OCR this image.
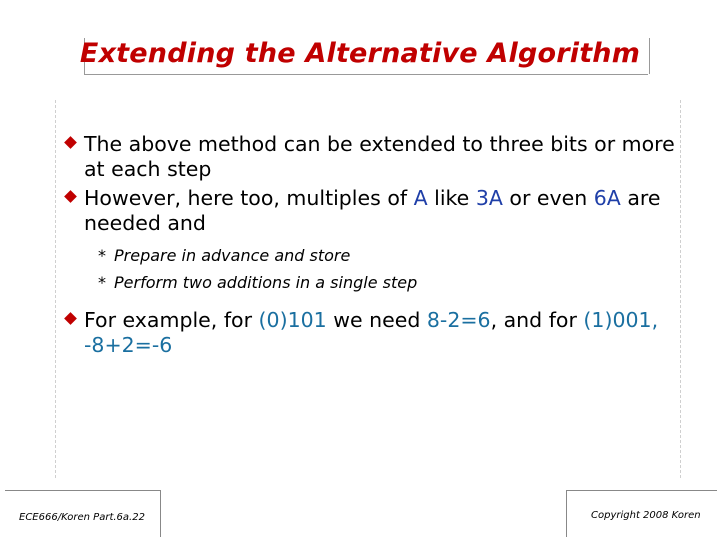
Extending the Alternative Algorithm
The above method can be extended to three bits or more at each step
However, here too, multiples of A like 3A or even 6A are needed and
* Prepare in advance and store
* Perform two additions in a single step
For example, for (0)101 we need 8-2=6, and for (1)001, -8+2=-6
ECE666/Koren Part.6a.22	Copyright 2008 Koren
